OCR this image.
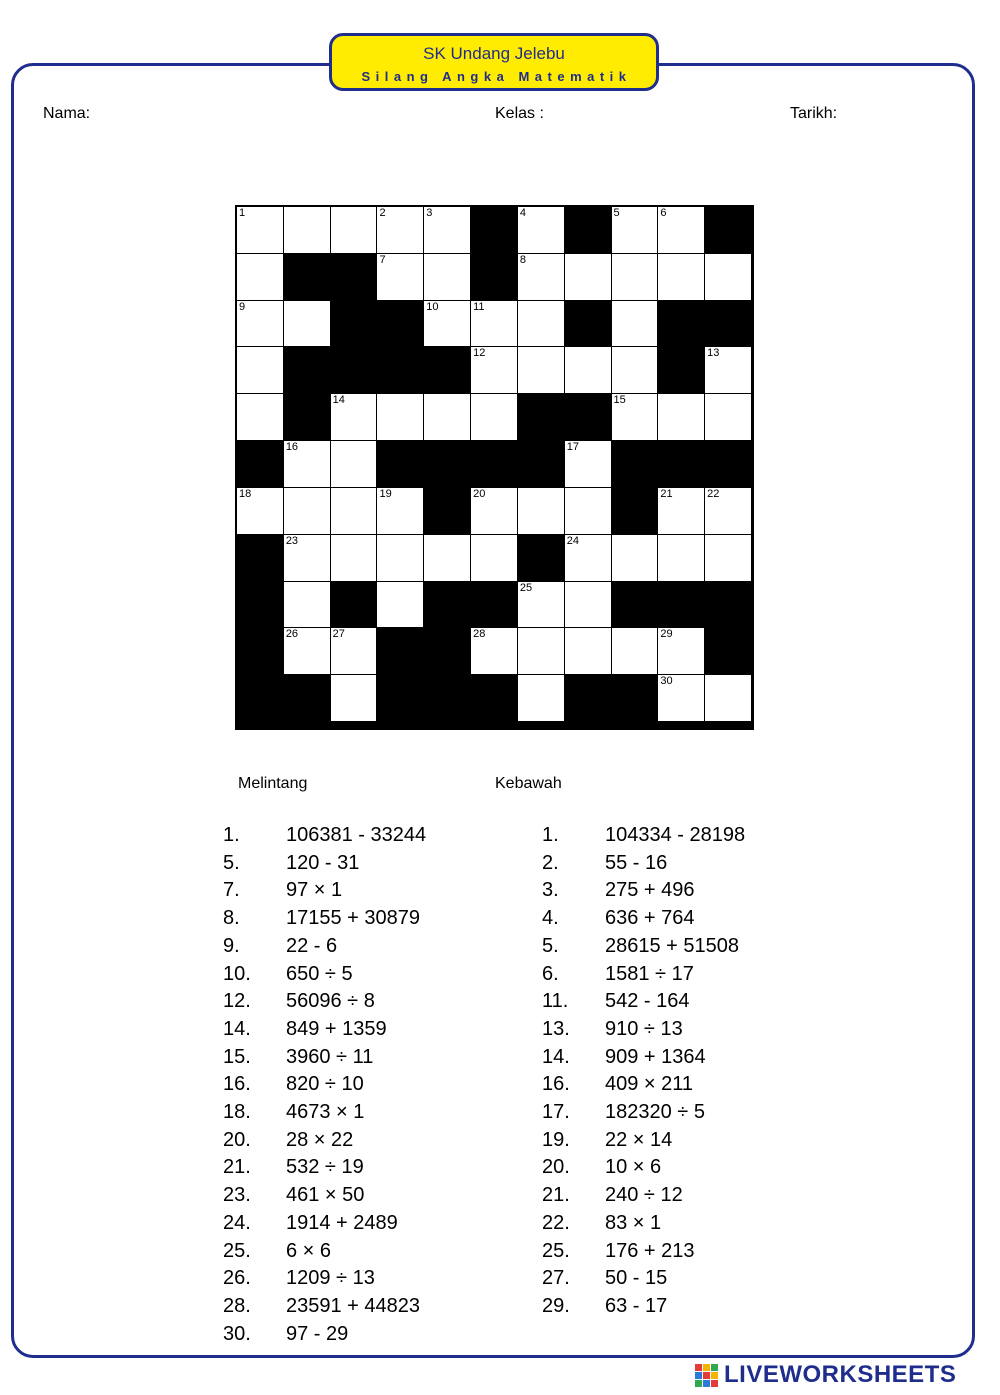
SK Undang Jelebu
Silang Angka Matematik
Nama:	Kelas :	Tarikh:
1	2	3	4	5	6
7	8
9	10	11
12	13
14	15
16	17
18	19	20	21	22
23	24
25
26	27	28	29
30
Melintang	Kebawah
1. 106381 - 33244
5. 120 - 31
7. 97 × 1
8. 17155 + 30879
9. 22 - 6
10. 650 ÷ 5
12. 56096 ÷ 8
14. 849 + 1359
15. 3960 ÷ 11
16. 820 ÷ 10
18. 4673 × 1
20. 28 × 22
21. 532 ÷ 19
23. 461 × 50
24. 1914 + 2489
25. 6 × 6
26. 1209 ÷ 13
28. 23591 + 44823
30. 97 - 29
1. 104334 - 28198
2. 55 - 16
3. 275 + 496
4. 636 + 764
5. 28615 + 51508
6. 1581 ÷ 17
11. 542 - 164
13. 910 ÷ 13
14. 909 + 1364
16. 409 × 211
17. 182320 ÷ 5
19. 22 × 14
20. 10 × 6
21. 240 ÷ 12
22. 83 × 1
25. 176 + 213
27. 50 - 15
29. 63 - 17
LIVEWORKSHEETS
